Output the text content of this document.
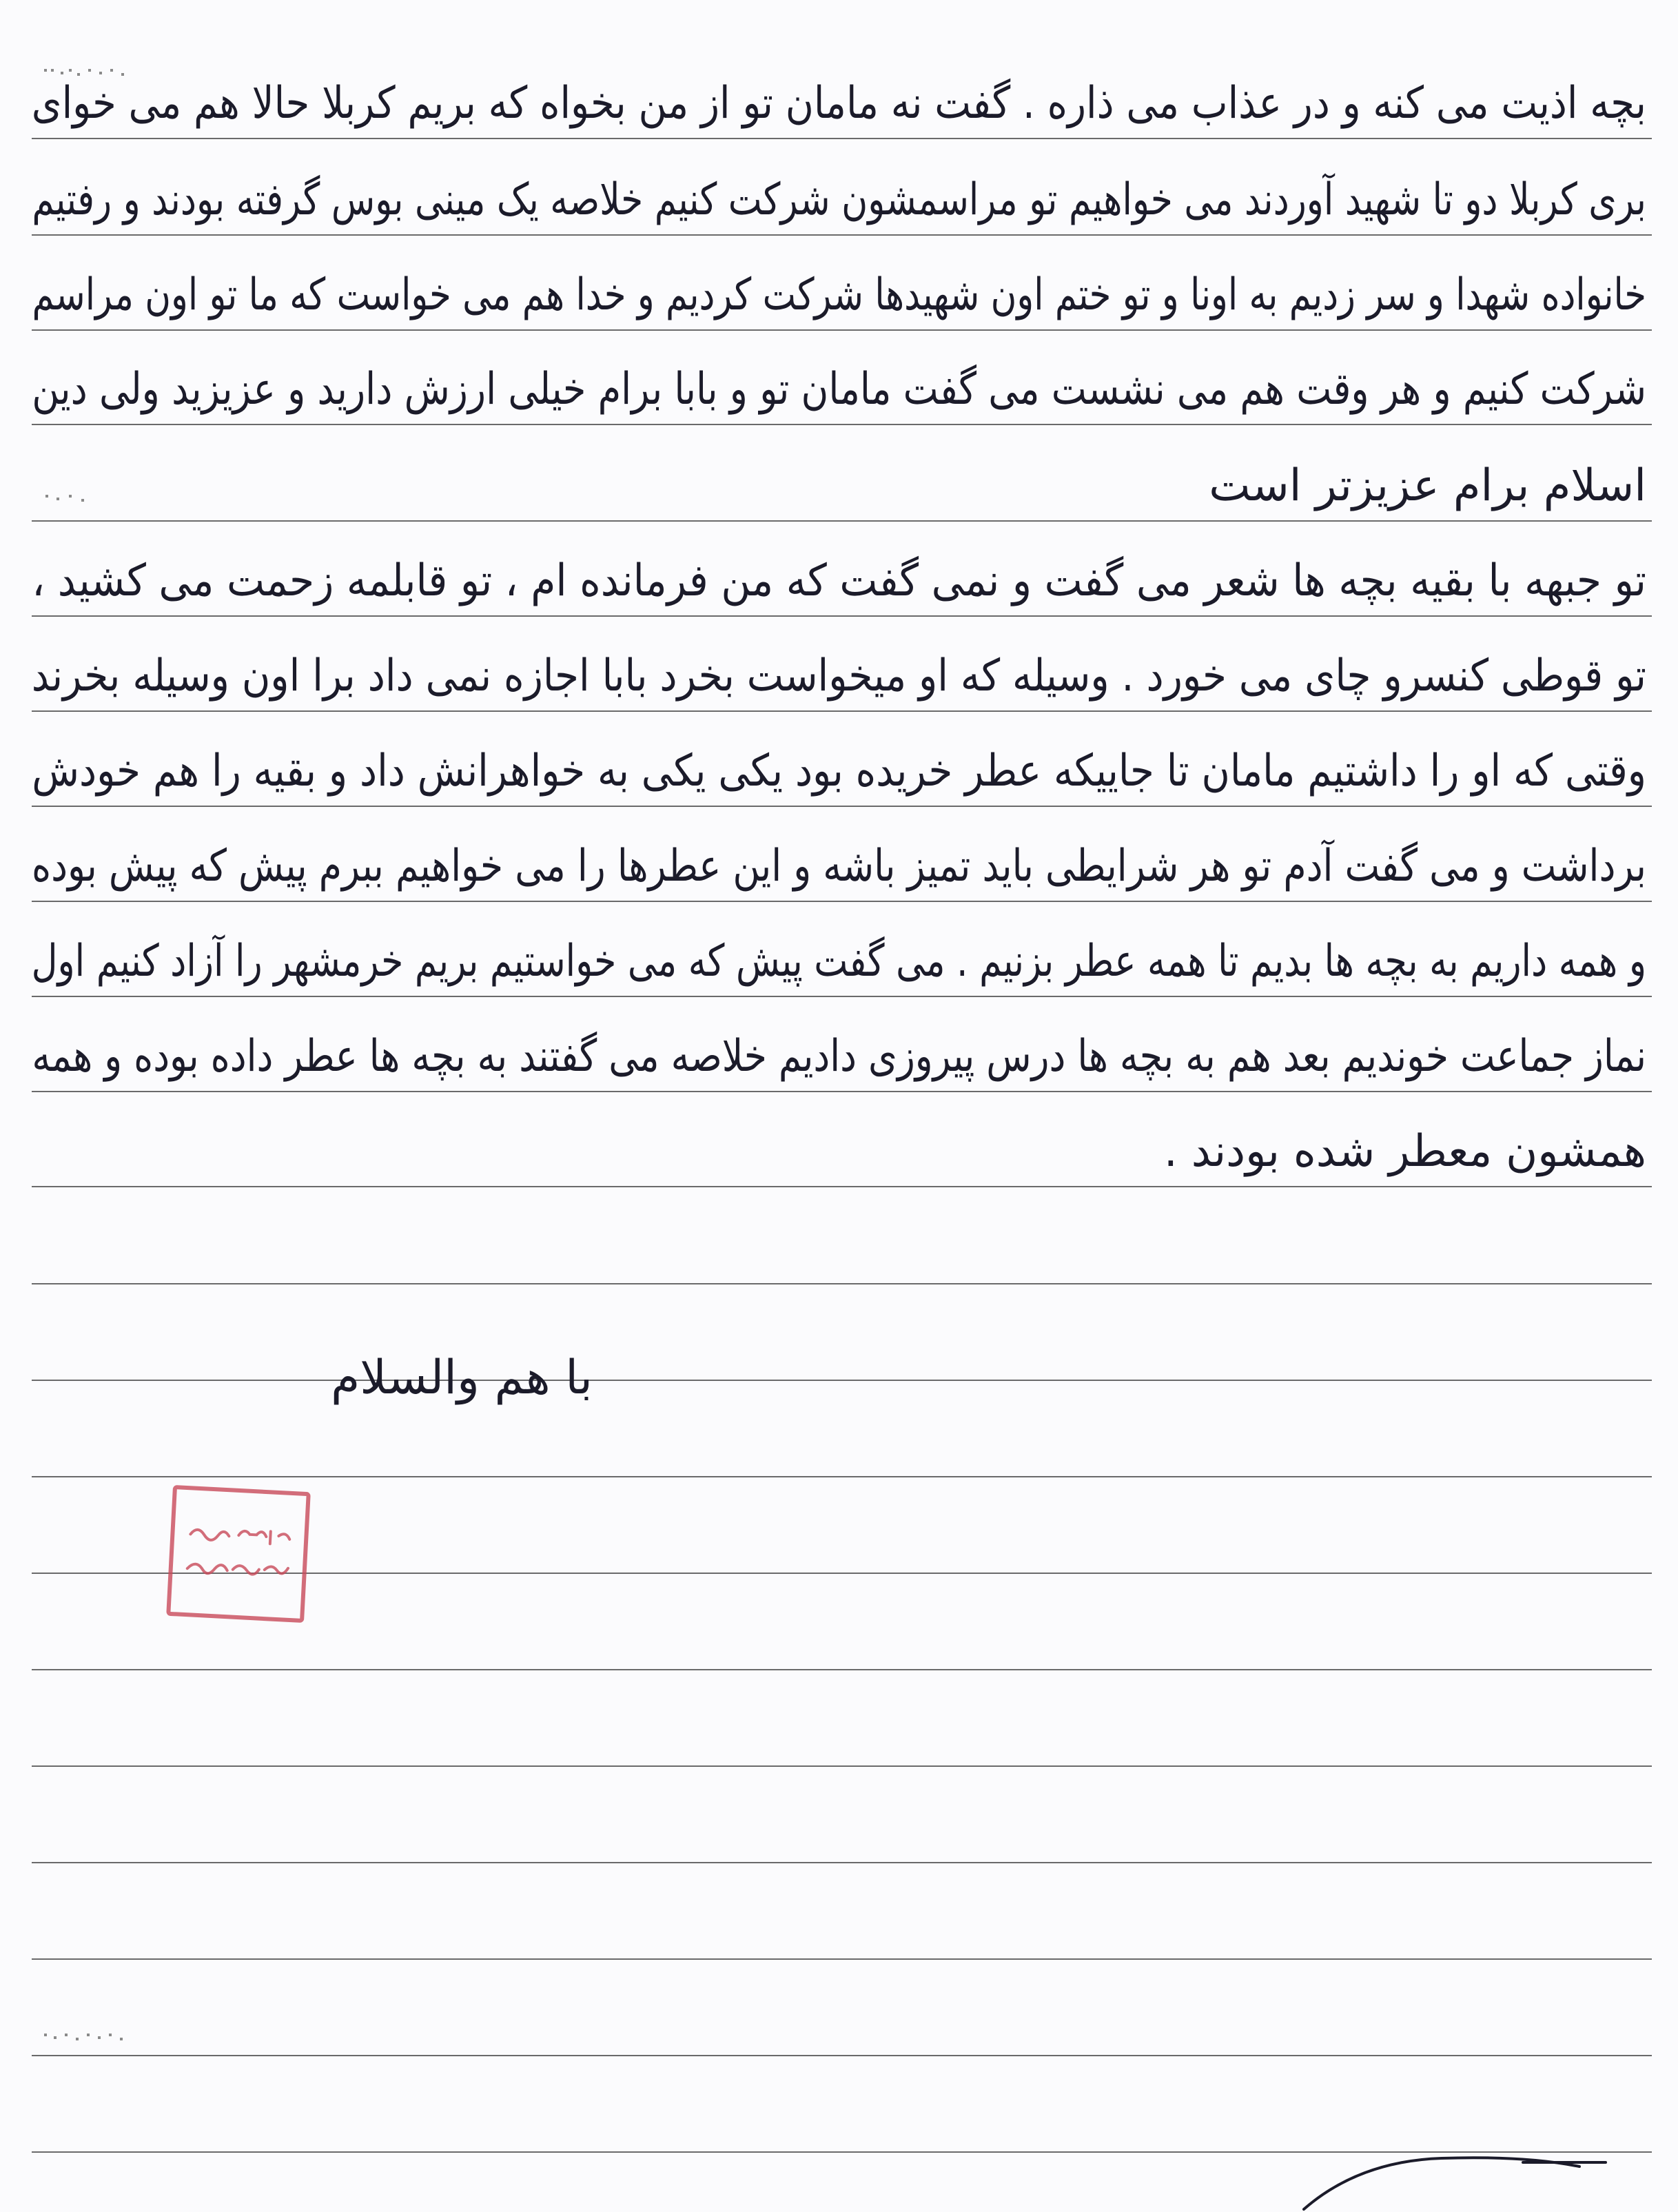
بچه اذیت می کنه و در عذاب می ذاره . گفت نه مامان تو از من بخواه که بریم کربلا حالا هم می خوای
بری کربلا دو تا شهید آوردند می خواهیم تو مراسمشون شرکت کنیم خلاصه یک مینی بوس گرفته بودند و رفتیم
خانواده شهدا و سر زدیم به اونا و تو ختم اون شهیدها شرکت کردیم و خدا هم می خواست که ما تو اون مراسم
شرکت کنیم و هر وقت هم می نشست می گفت مامان تو و بابا برام خیلی ارزش دارید و عزیزید ولی دین
اسلام برام عزیزتر است
تو جبهه با بقیه بچه ها شعر می گفت و نمی گفت که من فرمانده ام ، تو قابلمه زحمت می کشید ،
تو قوطی کنسرو چای می خورد . وسیله که او میخواست بخرد بابا اجازه نمی داد برا اون وسیله بخرند
وقتی که او را داشتیم مامان تا جاییکه عطر خریده بود یکی یکی به خواهرانش داد و بقیه را هم خودش
برداشت و می گفت آدم تو هر شرایطی باید تمیز باشه و این عطرها را می خواهیم ببرم پیش که پیش بوده
و همه داریم به بچه ها بدیم تا همه عطر بزنیم . می گفت پیش که می خواستیم بریم خرمشهر را آزاد کنیم اول
نماز جماعت خوندیم بعد هم به بچه ها درس پیروزی دادیم خلاصه می گفتند به بچه ها عطر داده بوده و همه
همشون معطر شده بودند .
با هم والسلام
